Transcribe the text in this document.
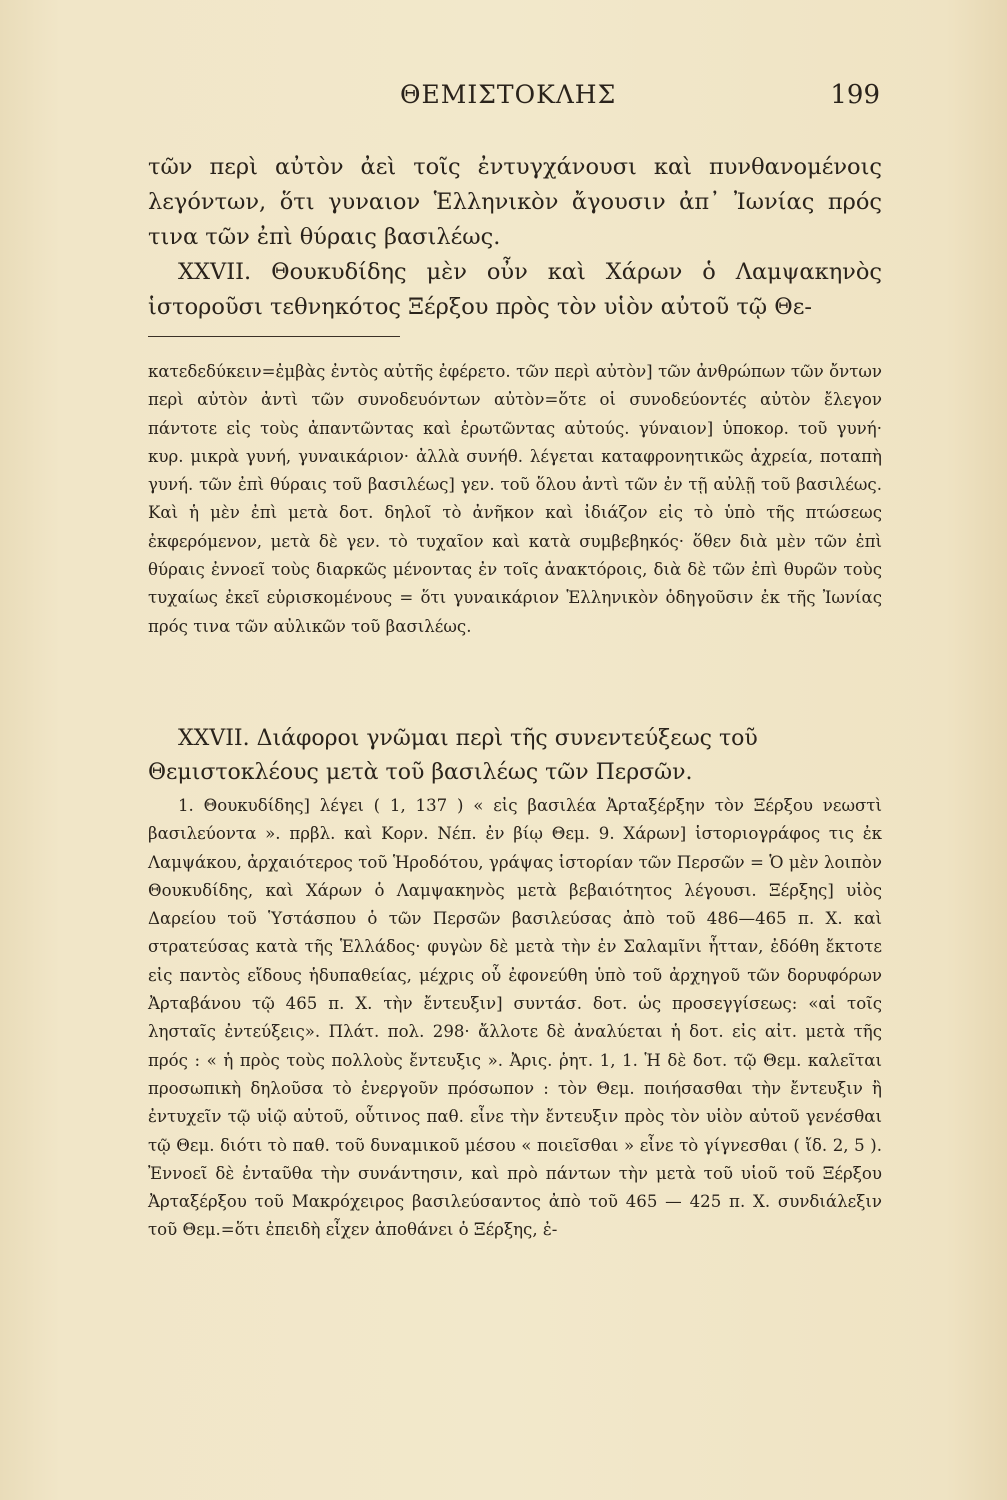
ΘΕΜΙΣΤΟΚΛΗΣ	199

τῶν περὶ αὐτὸν ἀεὶ τοῖς ἐντυγχάνουσι καὶ πυνθανομένοις λεγόντων, ὅτι γυναιον Ἑλληνικὸν ἄγουσιν ἀπ᾽ Ἰωνίας πρός τινα τῶν ἐπὶ θύραις βασιλέως.

XXVII. Θουκυδίδης μὲν οὖν καὶ Χάρων ὁ Λαμψακηνὸς ἱστοροῦσι τεθνηκότος Ξέρξου πρὸς τὸν υἱὸν αὐτοῦ τῷ Θε-

κατεδεδύκειν=ἐμβὰς ἐντὸς αὐτῆς ἐφέρετο. τῶν περὶ αὐτὸν] τῶν ἀνθρώπων τῶν ὄντων περὶ αὐτὸν ἀντὶ τῶν συνοδευόντων αὐτὸν=ὅτε οἱ συνοδεύοντές αὐτὸν ἔλεγον πάντοτε εἰς τοὺς ἀπαντῶντας καὶ ἐρωτῶντας αὐτούς. γύναιον] ὑποκορ. τοῦ γυνή· κυρ. μικρὰ γυνή, γυναικάριον· ἀλλὰ συνήθ. λέγεται καταφρονητικῶς ἀχρεία, ποταπὴ γυνή. τῶν ἐπὶ θύραις τοῦ βασιλέως] γεν. τοῦ ὅλου ἀντὶ τῶν ἐν τῇ αὐλῇ τοῦ βασιλέως. Καὶ ἡ μὲν ἐπὶ μετὰ δοτ. δηλοῖ τὸ ἀνῆκον καὶ ἰδιάζον εἰς τὸ ὑπὸ τῆς πτώσεως ἐκφερόμενον, μετὰ δὲ γεν. τὸ τυχαῖον καὶ κατὰ συμβεβηκός· ὅθεν διὰ μὲν τῶν ἐπὶ θύραις ἐννοεῖ τοὺς διαρκῶς μένοντας ἐν τοῖς ἀνακτόροις, διὰ δὲ τῶν ἐπὶ θυρῶν τοὺς τυχαίως ἐκεῖ εὑρισκομένους = ὅτι γυναικάριον Ἑλληνικὸν ὁδηγοῦσιν ἐκ τῆς Ἰωνίας πρός τινα τῶν αὐλικῶν τοῦ βασιλέως.

XXVII. Διάφοροι γνῶμαι περὶ τῆς συνεντεύξεως τοῦ Θεμιστοκλέους μετὰ τοῦ βασιλέως τῶν Περσῶν.

1. Θουκυδίδης] λέγει ( 1, 137 ) « εἰς βασιλέα Ἀρταξέρξην τὸν Ξέρξου νεωστὶ βασιλεύοντα ». πρβλ. καὶ Κορν. Νέπ. ἐν βίῳ Θεμ. 9. Χάρων] ἱστοριογράφος τις ἐκ Λαμψάκου, ἀρχαιότερος τοῦ Ἡροδότου, γράψας ἱστορίαν τῶν Περσῶν = Ὁ μὲν λοιπὸν Θουκυδίδης, καὶ Χάρων ὁ Λαμψακηνὸς μετὰ βεβαιότητος λέγουσι. Ξέρξης] υἱὸς Δαρείου τοῦ Ὑστάσπου ὁ τῶν Περσῶν βασιλεύσας ἀπὸ τοῦ 486—465 π. Χ. καὶ στρατεύσας κατὰ τῆς Ἑλλάδος· φυγὼν δὲ μετὰ τὴν ἐν Σαλαμῖνι ἧτταν, ἐδόθη ἔκτοτε εἰς παντὸς εἴδους ἡδυπαθείας, μέχρις οὗ ἐφονεύθη ὑπὸ τοῦ ἀρχηγοῦ τῶν δορυφόρων Ἀρταβάνου τῷ 465 π. Χ. τὴν ἔντευξιν] συντάσ. δοτ. ὡς προσεγγίσεως: «αἱ τοῖς λησταῖς ἐντεύξεις». Πλάτ. πολ. 298· ἄλλοτε δὲ ἀναλύεται ἡ δοτ. εἰς αἰτ. μετὰ τῆς πρός : « ἡ πρὸς τοὺς πολλοὺς ἔντευξις ». Ἀρις. ῥητ. 1, 1. Ἡ δὲ δοτ. τῷ Θεμ. καλεῖται προσωπικὴ δηλοῦσα τὸ ἐνεργοῦν πρόσωπον : τὸν Θεμ. ποιήσασθαι τὴν ἔντευξιν ἢ ἐντυχεῖν τῷ υἱῷ αὐτοῦ, οὗτινος παθ. εἶνε τὴν ἔντευξιν πρὸς τὸν υἱὸν αὐτοῦ γενέσθαι τῷ Θεμ. διότι τὸ παθ. τοῦ δυναμικοῦ μέσου « ποιεῖσθαι » εἶνε τὸ γίγνεσθαι ( ἴδ. 2, 5 ). Ἐννοεῖ δὲ ἐνταῦθα τὴν συνάντησιν, καὶ πρὸ πάντων τὴν μετὰ τοῦ υἱοῦ τοῦ Ξέρξου Ἀρταξέρξου τοῦ Μακρόχειρος βασιλεύσαντος ἀπὸ τοῦ 465 — 425 π. Χ. συνδιάλεξιν τοῦ Θεμ.=ὅτι ἐπειδὴ εἶχεν ἀποθάνει ὁ Ξέρξης, ἐ-
